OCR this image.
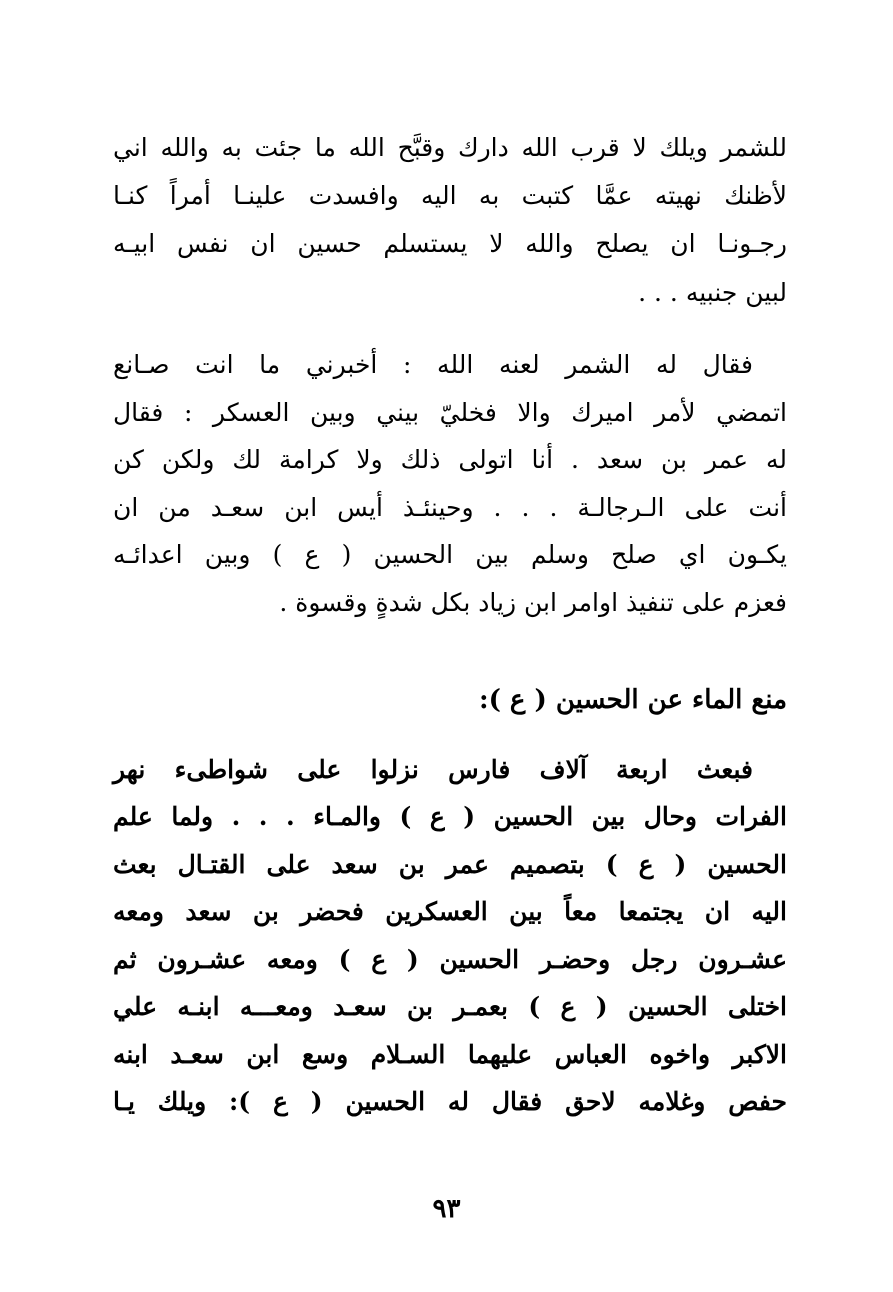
للشمر ويلك لا قرب الله دارك وقبَّح الله ما جئت به والله اني
لأظنك نهيته عمَّا كتبت به اليه وافسدت علينـا أمراً كنـا
رجـونـا ان يصلح والله لا يستسلم حسين ان نفس ابيـه
لبين جنبيه . . .
فقال له الشمر لعنه الله : أخبرني ما انت صـانع
اتمضي لأمر اميرك والا فخليّ بيني وبين العسكر : فقال
له عمر بن سعد . أنا اتولى ذلك ولا كرامة لك ولكن كن
أنت على الـرجالـة . . . وحينئـذ أيس ابن سعـد من ان
يكـون اي صلح وسلم بين الحسين ( ع ) وبين اعدائـه
فعزم على تنفيذ اوامر ابن زياد بكل شدةٍ وقسوة .
منع الماء عن الحسين ( ع ):
فبعث اربعة آلاف فارس نزلوا على شواطىء نهر
الفرات وحال بين الحسين ( ع ) والمـاء . . . ولما علم
الحسين ( ع ) بتصميم عمر بن سعد على القتـال بعث
اليه ان يجتمعا معاً بين العسكرين فحضر بن سعد ومعه
عشـرون رجل وحضـر الحسين ( ع ) ومعه عشـرون ثم
اختلى الحسين ( ع ) بعمـر بن سعـد ومعـــه ابنـه علي
الاكبر واخوه العباس عليهما السـلام وسع ابن سعـد ابنه
حفص وغلامه لاحق فقال له الحسين ( ع ): ويلك يـا
٩٣
